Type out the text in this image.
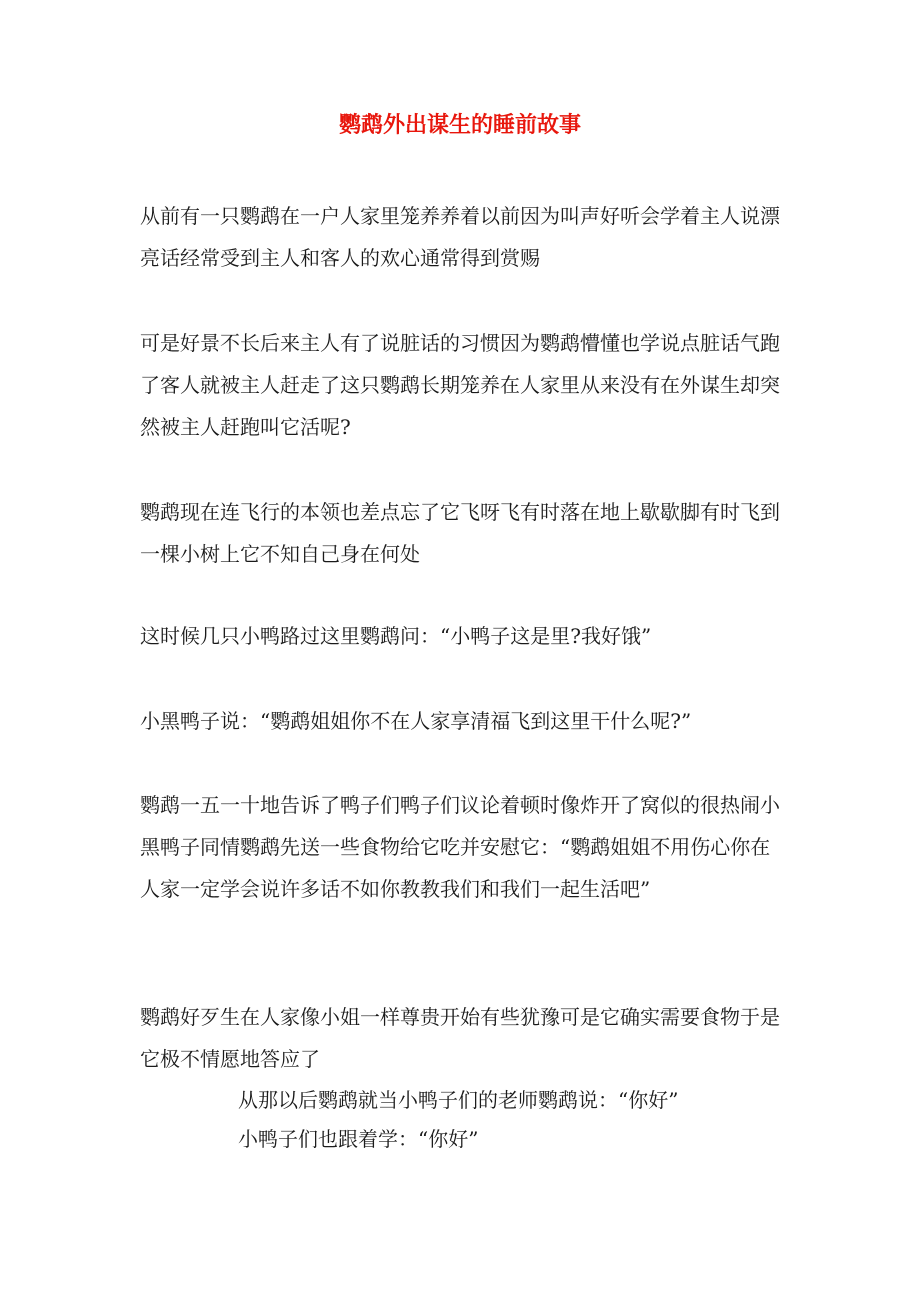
鹦鹉外出谋生的睡前故事

从前有一只鹦鹉在一户人家里笼养养着以前因为叫声好听会学着主人说漂亮话经常受到主人和客人的欢心通常得到赏赐

可是好景不长后来主人有了说脏话的习惯因为鹦鹉懵懂也学说点脏话气跑了客人就被主人赶走了这只鹦鹉长期笼养在人家里从来没有在外谋生却突然被主人赶跑叫它活呢?

鹦鹉现在连飞行的本领也差点忘了它飞呀飞有时落在地上歇歇脚有时飞到一棵小树上它不知自己身在何处

这时候几只小鸭路过这里鹦鹉问：“小鸭子这是里?我好饿”

小黑鸭子说：“鹦鹉姐姐你不在人家享清福飞到这里干什么呢?”

鹦鹉一五一十地告诉了鸭子们鸭子们议论着顿时像炸开了窝似的很热闹小黑鸭子同情鹦鹉先送一些食物给它吃并安慰它：“鹦鹉姐姐不用伤心你在人家一定学会说许多话不如你教教我们和我们一起生活吧”

鹦鹉好歹生在人家像小姐一样尊贵开始有些犹豫可是它确实需要食物于是它极不情愿地答应了

从那以后鹦鹉就当小鸭子们的老师鹦鹉说：“你好”

小鸭子们也跟着学：“你好”
